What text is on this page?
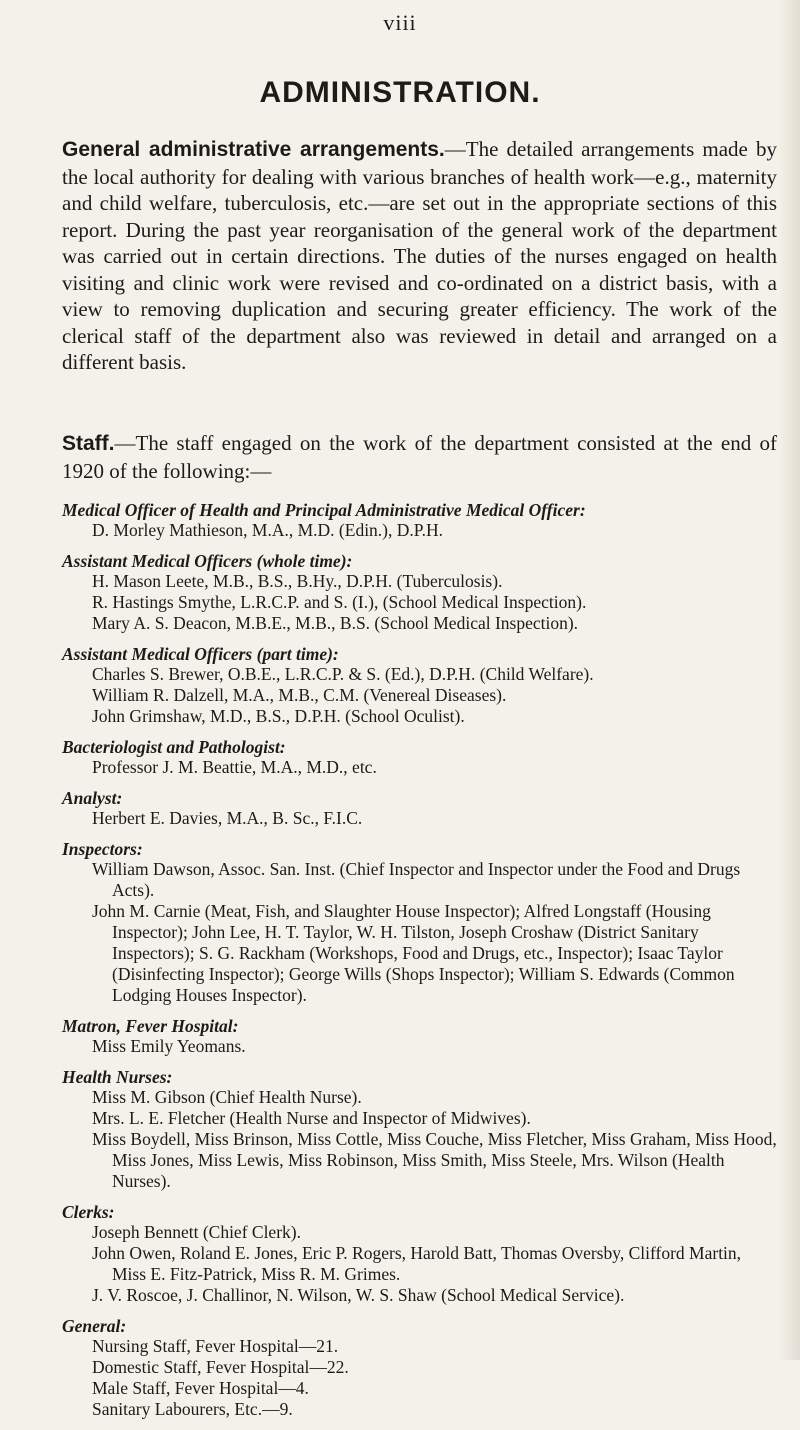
viii
ADMINISTRATION.

General administrative arrangements.—The detailed arrangements made by the local authority for dealing with various branches of health work—e.g., maternity and child welfare, tuberculosis, etc.—are set out in the appropriate sections of this report. During the past year reorganisation of the general work of the department was carried out in certain directions. The duties of the nurses engaged on health visiting and clinic work were revised and co-ordinated on a district basis, with a view to removing duplication and securing greater efficiency. The work of the clerical staff of the department also was reviewed in detail and arranged on a different basis.

Staff.—The staff engaged on the work of the department consisted at the end of 1920 of the following:—

Medical Officer of Health and Principal Administrative Medical Officer:

D. Morley Mathieson, M.A., M.D. (Edin.), D.P.H.

Assistant Medical Officers (whole time):

H. Mason Leete, M.B., B.S., B.Hy., D.P.H. (Tuberculosis).

R. Hastings Smythe, L.R.C.P. and S. (I.), (School Medical Inspection).

Mary A. S. Deacon, M.B.E., M.B., B.S. (School Medical Inspection).

Assistant Medical Officers (part time):

Charles S. Brewer, O.B.E., L.R.C.P. & S. (Ed.), D.P.H. (Child Welfare).

William R. Dalzell, M.A., M.B., C.M. (Venereal Diseases).

John Grimshaw, M.D., B.S., D.P.H. (School Oculist).

Bacteriologist and Pathologist:

Professor J. M. Beattie, M.A., M.D., etc.

Analyst:

Herbert E. Davies, M.A., B. Sc., F.I.C.

Inspectors:

William Dawson, Assoc. San. Inst. (Chief Inspector and Inspector under the Food and Drugs Acts).

John M. Carnie (Meat, Fish, and Slaughter House Inspector); Alfred Longstaff (Housing Inspector); John Lee, H. T. Taylor, W. H. Tilston, Joseph Croshaw (District Sanitary Inspectors); S. G. Rackham (Workshops, Food and Drugs, etc., Inspector); Isaac Taylor (Disinfecting Inspector); George Wills (Shops Inspector); William S. Edwards (Common Lodging Houses Inspector).

Matron, Fever Hospital:

Miss Emily Yeomans.

Health Nurses:

Miss M. Gibson (Chief Health Nurse).

Mrs. L. E. Fletcher (Health Nurse and Inspector of Midwives).

Miss Boydell, Miss Brinson, Miss Cottle, Miss Couche, Miss Fletcher, Miss Graham, Miss Hood, Miss Jones, Miss Lewis, Miss Robinson, Miss Smith, Miss Steele, Mrs. Wilson (Health Nurses).

Clerks:

Joseph Bennett (Chief Clerk).

John Owen, Roland E. Jones, Eric P. Rogers, Harold Batt, Thomas Oversby, Clifford Martin, Miss E. Fitz-Patrick, Miss R. M. Grimes.

J. V. Roscoe, J. Challinor, N. Wilson, W. S. Shaw (School Medical Service).

General:

Nursing Staff, Fever Hospital—21.

Domestic Staff, Fever Hospital—22.

Male Staff, Fever Hospital—4.

Sanitary Labourers, Etc.—9.
